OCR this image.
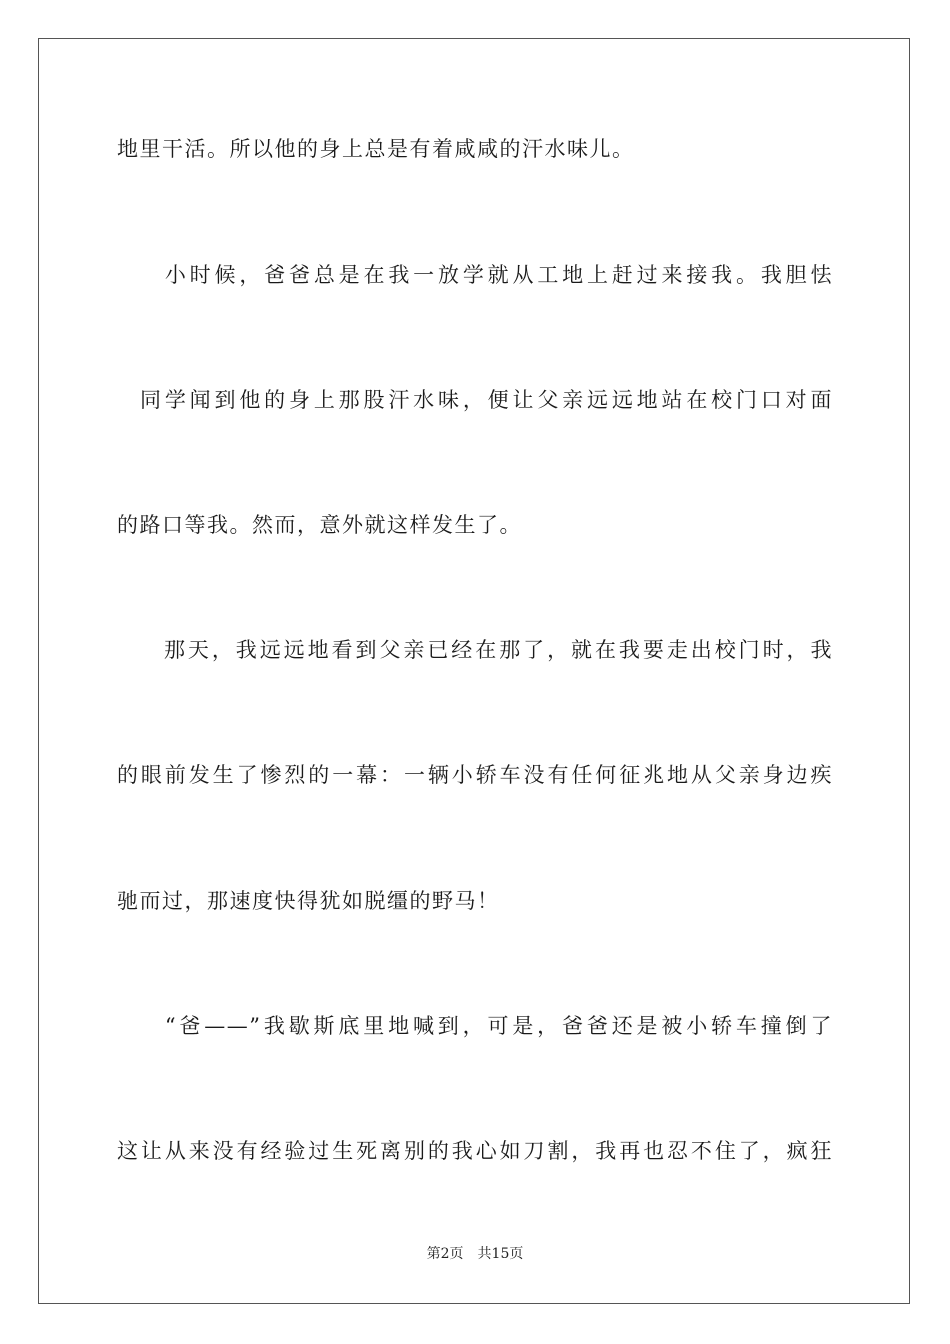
地里干活。所以他的身上总是有着咸咸的汗水味儿。
　小时候，爸爸总是在我一放学就从工地上赶过来接我。我胆怯
同学闻到他的身上那股汗水味，便让父亲远远地站在校门口对面
的路口等我。然而，意外就这样发生了。
　那天，我远远地看到父亲已经在那了，就在我要走出校门时，我
的眼前发生了惨烈的一幕：一辆小轿车没有任何征兆地从父亲身边疾
驰而过，那速度快得犹如脱缰的野马！
　“爸——”我歇斯底里地喊到，可是，爸爸还是被小轿车撞倒了
这让从来没有经验过生死离别的我心如刀割，我再也忍不住了，疯狂
第2页 共15页
